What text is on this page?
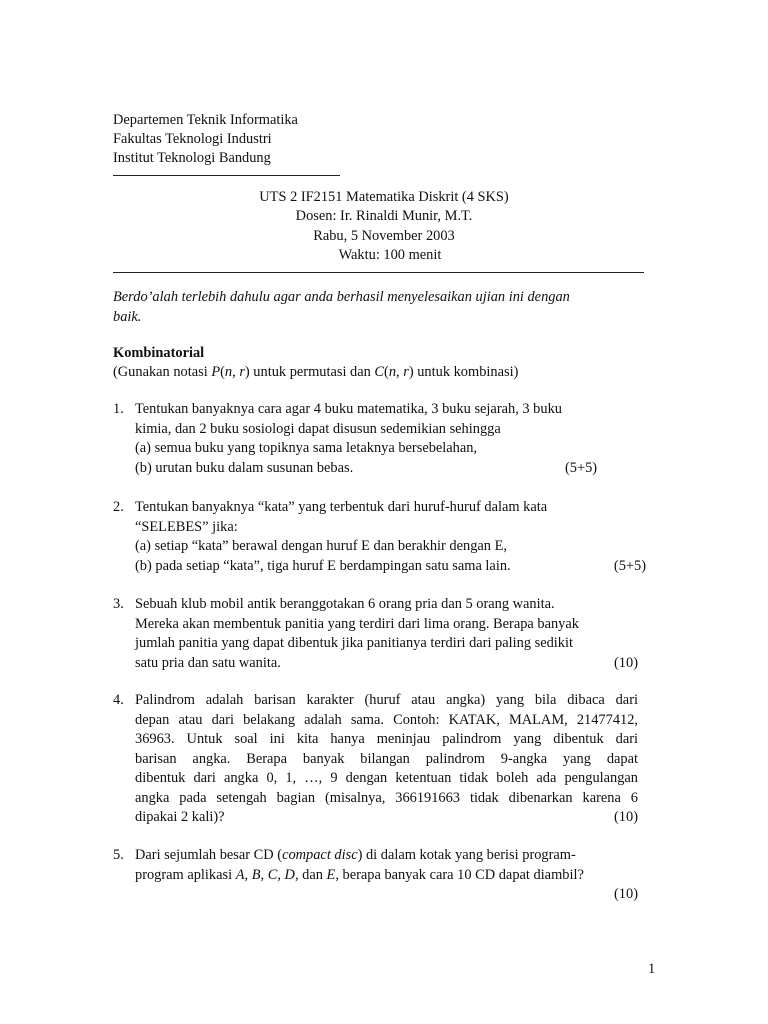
Departemen Teknik Informatika
Fakultas Teknologi Industri
Institut Teknologi Bandung
UTS 2 IF2151 Matematika Diskrit (4 SKS)
Dosen: Ir. Rinaldi Munir, M.T.
Rabu, 5 November 2003
Waktu: 100 menit
Berdo’alah terlebih dahulu agar anda berhasil menyelesaikan ujian ini dengan
baik.
Kombinatorial
(Gunakan notasi P(n, r) untuk permutasi dan C(n, r) untuk kombinasi)
1. Tentukan banyaknya cara agar 4 buku matematika, 3 buku sejarah, 3 buku
kimia, dan 2 buku sosiologi dapat disusun sedemikian sehingga
(a) semua buku yang topiknya sama letaknya bersebelahan,
(b) urutan buku dalam susunan bebas.	(5+5)
2. Tentukan banyaknya “kata” yang terbentuk dari huruf-huruf dalam kata
“SELEBES” jika:
(a) setiap “kata” berawal dengan huruf E dan berakhir dengan E,
(b) pada setiap “kata”, tiga huruf E berdampingan satu sama lain.	(5+5)
3. Sebuah klub mobil antik beranggotakan 6 orang pria dan 5 orang wanita.
Mereka akan membentuk panitia yang terdiri dari lima orang. Berapa banyak
jumlah panitia yang dapat dibentuk jika panitianya terdiri dari paling sedikit
satu pria dan satu wanita.	(10)
4. Palindrom adalah barisan karakter (huruf atau angka) yang bila dibaca dari
depan atau dari belakang adalah sama. Contoh: KATAK, MALAM, 21477412,
36963. Untuk soal ini kita hanya meninjau palindrom yang dibentuk dari
barisan angka. Berapa banyak bilangan palindrom 9-angka yang dapat
dibentuk dari angka 0, 1, …, 9 dengan ketentuan tidak boleh ada pengulangan
angka pada setengah bagian (misalnya, 366191663 tidak dibenarkan karena 6
dipakai 2 kali)?	(10)
5. Dari sejumlah besar CD (compact disc) di dalam kotak yang berisi program-
program aplikasi A, B, C, D, dan E, berapa banyak cara 10 CD dapat diambil?
(10)
1
